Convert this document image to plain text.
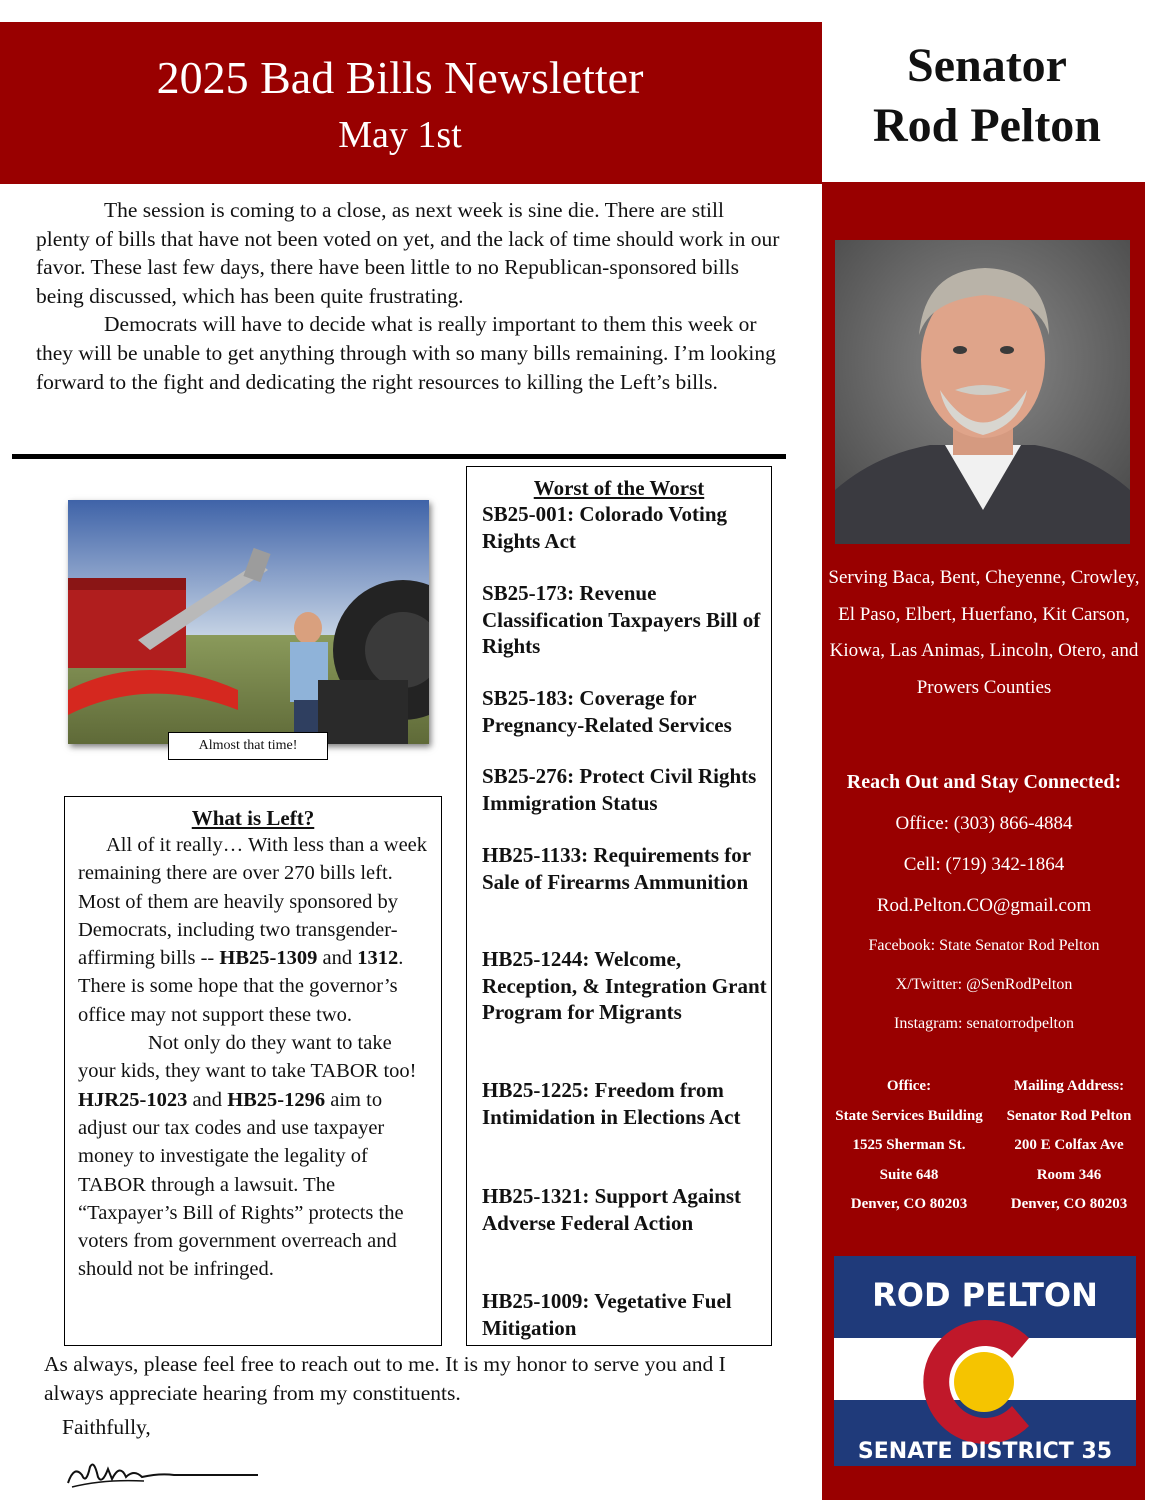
2025 Bad Bills Newsletter
May 1st
Senator
Rod Pelton
Serving Baca, Bent, Cheyenne, Crowley, El Paso, Elbert, Huerfano, Kit Carson, Kiowa, Las Animas, Lincoln, Otero, and Prowers Counties
Reach Out and Stay Connected:
Office: (303) 866-4884
Cell: (719) 342-1864
Rod.Pelton.CO@gmail.com
Facebook: State Senator Rod Pelton
X/Twitter: @SenRodPelton
Instagram: senatorrodpelton
Office:
State Services Building
1525 Sherman St.
Suite 648
Denver, CO 80203
Mailing Address:
Senator Rod Pelton
200 E Colfax Ave
Room 346
Denver, CO 80203
ROD PELTON
SENATE DISTRICT 35

The session is coming to a close, as next week is sine die. There are still plenty of bills that have not been voted on yet, and the lack of time should work in our favor. These last few days, there have been little to no Republican-sponsored bills being discussed, which has been quite frustrating.

Democrats will have to decide what is really important to them this week or they will be unable to get anything through with so many bills remaining. I’m looking forward to the fight and dedicating the right resources to killing the Left’s bills.

Almost that time!
What is Left?

All of it really… With less than a week remaining there are over 270 bills left. Most of them are heavily sponsored by Democrats, including two transgender-affirming bills -- HB25-1309 and 1312. There is some hope that the governor’s office may not support these two.

Not only do they want to take your kids, they want to take TABOR too! HJR25-1023 and HB25-1296 aim to adjust our tax codes and use taxpayer money to investigate the legality of TABOR through a lawsuit. The “Taxpayer’s Bill of Rights” protects the voters from government overreach and should not be infringed.

Worst of the Worst
SB25-001: Colorado Voting Rights Act
SB25-173: Revenue Classification Taxpayers Bill of Rights
SB25-183: Coverage for Pregnancy-Related Services
SB25-276: Protect Civil Rights Immigration Status
HB25-1133: Requirements for Sale of Firearms Ammunition
HB25-1244: Welcome, Reception, & Integration Grant Program for Migrants
HB25-1225: Freedom from Intimidation in Elections Act
HB25-1321: Support Against Adverse Federal Action
HB25-1009: Vegetative Fuel Mitigation
As always, please feel free to reach out to me. It is my honor to serve you and I always appreciate hearing from my constituents.
Faithfully,
